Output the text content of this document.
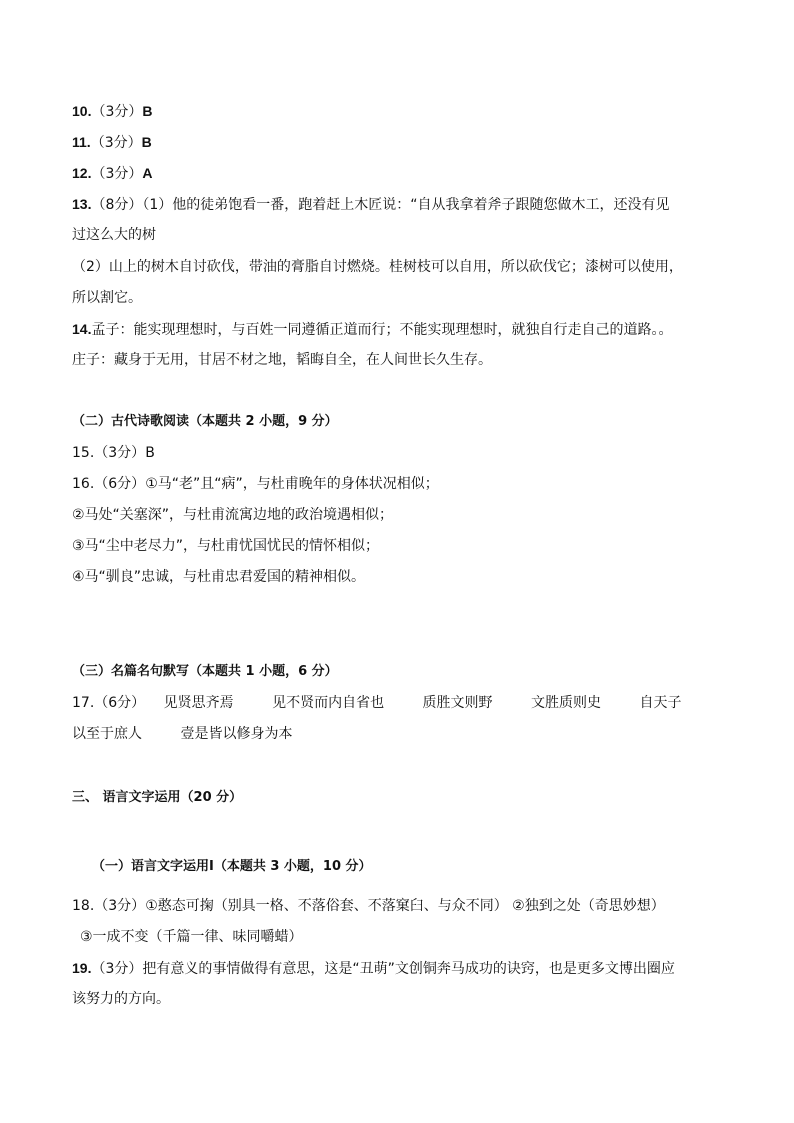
10.（3分）B
11.（3分）B
12.（3分）A
13.（8分）（1）他的徒弟饱看一番，跑着赶上木匠说：“自从我拿着斧子跟随您做木工，还没有见
过这么大的树
（2）山上的树木自讨砍伐，带油的膏脂自讨燃烧。桂树枝可以自用，所以砍伐它；漆树可以使用，
所以割它。
14.孟子：能实现理想时，与百姓一同遵循正道而行；不能实现理想时，就独自行走自己的道路。。
庄子：藏身于无用，甘居不材之地，韬晦自全，在人间世长久生存。
（二）古代诗歌阅读（本题共 2 小题，9 分）
15.（3分）B
16.（6分）①马“老”且“病”，与杜甫晚年的身体状况相似；
②马处“关塞深”，与杜甫流寓边地的政治境遇相似；
③马“尘中老尽力”，与杜甫忧国忧民的情怀相似；
④马“驯良”忠诚，与杜甫忠君爱国的精神相似。
（三）名篇名句默写（本题共 1 小题，6 分）
17.（6分） 见贤思齐焉	见不贤而内自省也	质胜文则野	文胜质则史	自天子
以至于庶人	壹是皆以修身为本
三、 语言文字运用（20 分）
（一）语言文字运用Ⅰ（本题共 3 小题，10 分）
18.（3分）①憨态可掬（别具一格、不落俗套、不落窠臼、与众不同） ②独到之处（奇思妙想）
③一成不变（千篇一律、味同嚼蜡）
19.（3分）把有意义的事情做得有意思，这是“丑萌”文创铜奔马成功的诀窍，也是更多文博出圈应
该努力的方向。
